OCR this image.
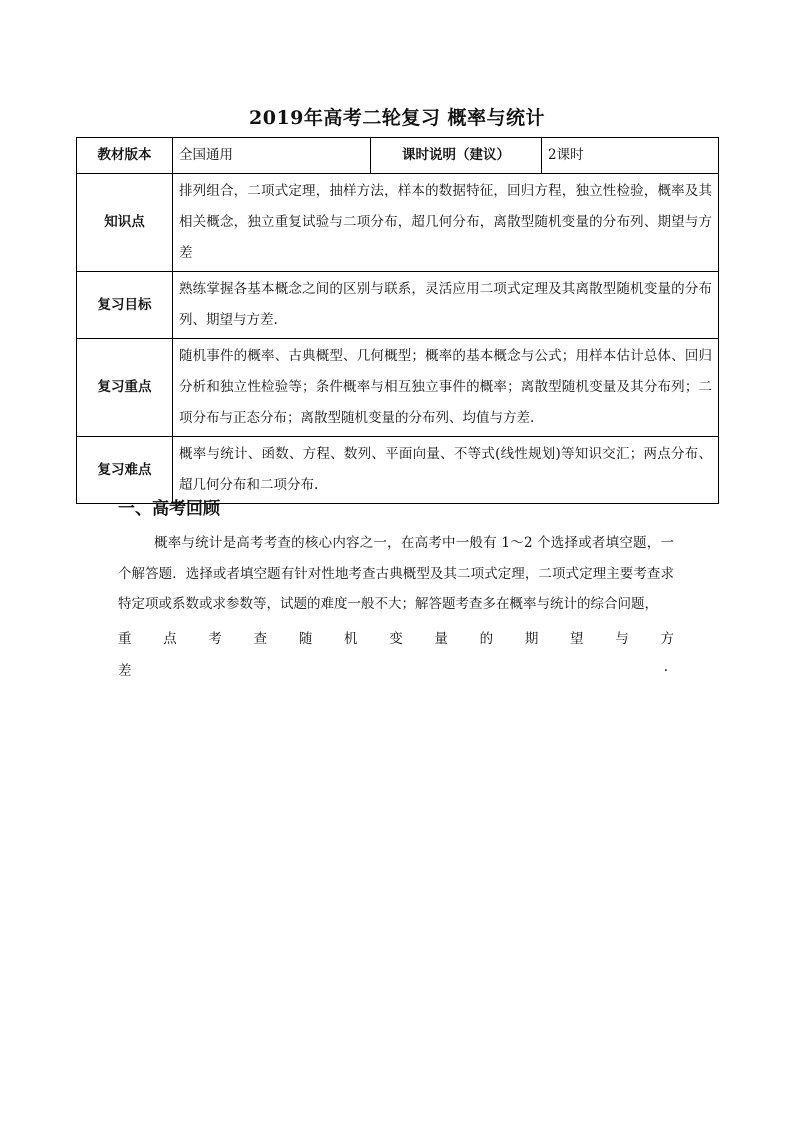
2019年高考二轮复习 概率与统计
教材版本	全国通用	课时说明（建议）	2课时
知识点	排列组合，二项式定理，抽样方法，样本的数据特征，回归方程，独立性检验，概率及其相关概念，独立重复试验与二项分布，超几何分布，离散型随机变量的分布列、期望与方差		
复习目标	熟练掌握各基本概念之间的区别与联系，灵活应用二项式定理及其离散型随机变量的分布列、期望与方差.		
复习重点	随机事件的概率、古典概型、几何概型；概率的基本概念与公式；用样本估计总体、回归分析和独立性检验等；条件概率与相互独立事件的概率；离散型随机变量及其分布列；二项分布与正态分布；离散型随机变量的分布列、均值与方差.		
复习难点	概率与统计、函数、方程、数列、平面向量、不等式(线性规划)等知识交汇；两点分布、超几何分布和二项分布.		
一、高考回顾
概率与统计是高考考查的核心内容之一，在高考中一般有 1～2 个选择或者填空题，一个解答题．选择或者填空题有针对性地考查古典概型及其二项式定理，二项式定理主要考查求特定项或系数或求参数等，试题的难度一般不大；解答题考查多在概率与统计的综合问题，
重 点 考 查 随 机 变 量 的 期 望 与 方
差	.
